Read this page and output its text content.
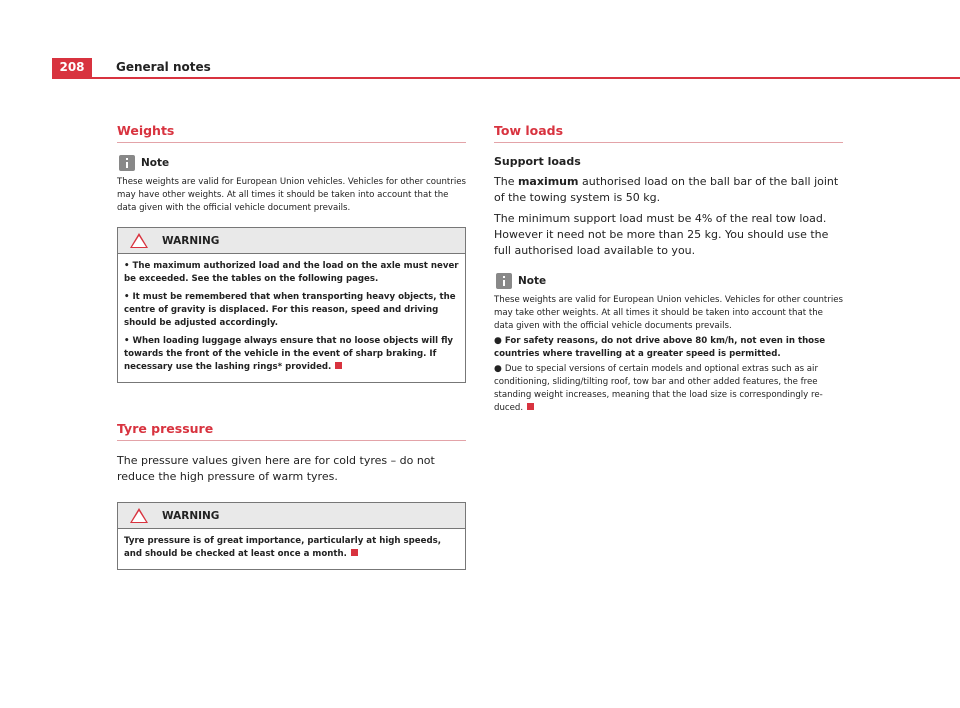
208	General notes
Weights
Note

These weights are valid for European Union vehicles. Vehicles for other countries may have other weights. At all times it should be taken into account that the data given with the official vehicle document prevails.

WARNING

• The maximum authorized load and the load on the axle must never be exceeded. See the tables on the following pages.

• It must be remembered that when transporting heavy objects, the centre of gravity is displaced. For this reason, speed and driving should be adjusted accordingly.

• When loading luggage always ensure that no loose objects will fly towards the front of the vehicle in the event of sharp braking. If necessary use the lashing rings* provided.

Tyre pressure

The pressure values given here are for cold tyres – do not reduce the high pressure of warm tyres.

WARNING

Tyre pressure is of great importance, particularly at high speeds, and should be checked at least once a month.

Tow loads

Support loads

The maximum authorised load on the ball bar of the ball joint of the towing system is 50 kg.

The minimum support load must be 4% of the real tow load. However it need not be more than 25 kg. You should use the full authorised load available to you.

Note

These weights are valid for European Union vehicles. Vehicles for other countries may take other weights. At all times it should be taken into account that the data given with the official vehicle documents prevails.

● For safety reasons, do not drive above 80 km/h, not even in those countries where travelling at a greater speed is permitted.

● Due to special versions of certain models and optional extras such as air conditioning, sliding/tilting roof, tow bar and other added features, the free standing weight increases, meaning that the load size is correspondingly re-duced.
